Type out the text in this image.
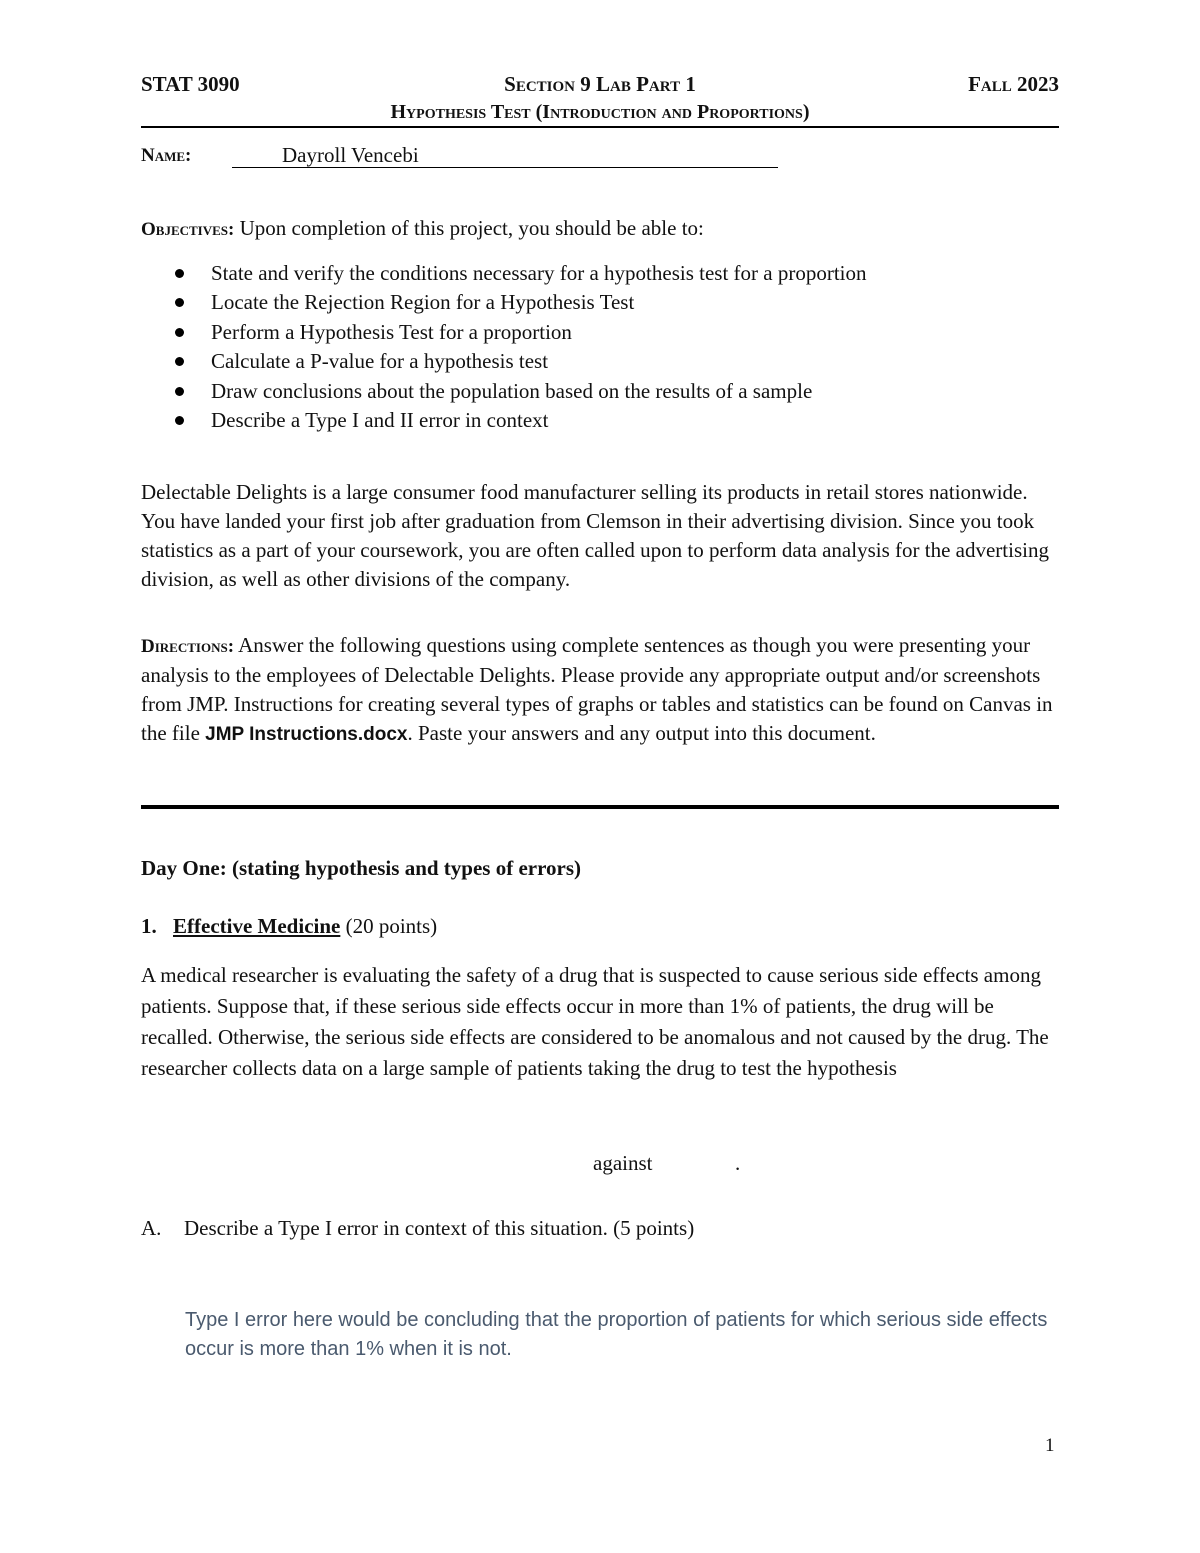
STAT 3090	Section 9 Lab Part 1	Fall 2023
Hypothesis Test (Introduction and Proportions)
Name:	Dayroll Vencebi
Objectives: Upon completion of this project, you should be able to:
State and verify the conditions necessary for a hypothesis test for a proportion
Locate the Rejection Region for a Hypothesis Test
Perform a Hypothesis Test for a proportion
Calculate a P-value for a hypothesis test
Draw conclusions about the population based on the results of a sample
Describe a Type I and II error in context
Delectable Delights is a large consumer food manufacturer selling its products in retail stores nationwide. You have landed your first job after graduation from Clemson in their advertising division. Since you took statistics as a part of your coursework, you are often called upon to perform data analysis for the advertising division, as well as other divisions of the company.
Directions: Answer the following questions using complete sentences as though you were presenting your analysis to the employees of Delectable Delights. Please provide any appropriate output and/or screenshots from JMP. Instructions for creating several types of graphs or tables and statistics can be found on Canvas in the file JMP Instructions.docx. Paste your answers and any output into this document.
Day One: (stating hypothesis and types of errors)
1. Effective Medicine (20 points)
A medical researcher is evaluating the safety of a drug that is suspected to cause serious side effects among patients. Suppose that, if these serious side effects occur in more than 1% of patients, the drug will be recalled. Otherwise, the serious side effects are considered to be anomalous and not caused by the drug. The researcher collects data on a large sample of patients taking the drug to test the hypothesis
against	.
A. Describe a Type I error in context of this situation. (5 points)
Type I error here would be concluding that the proportion of patients for which serious side effects occur is more than 1% when it is not.
1
